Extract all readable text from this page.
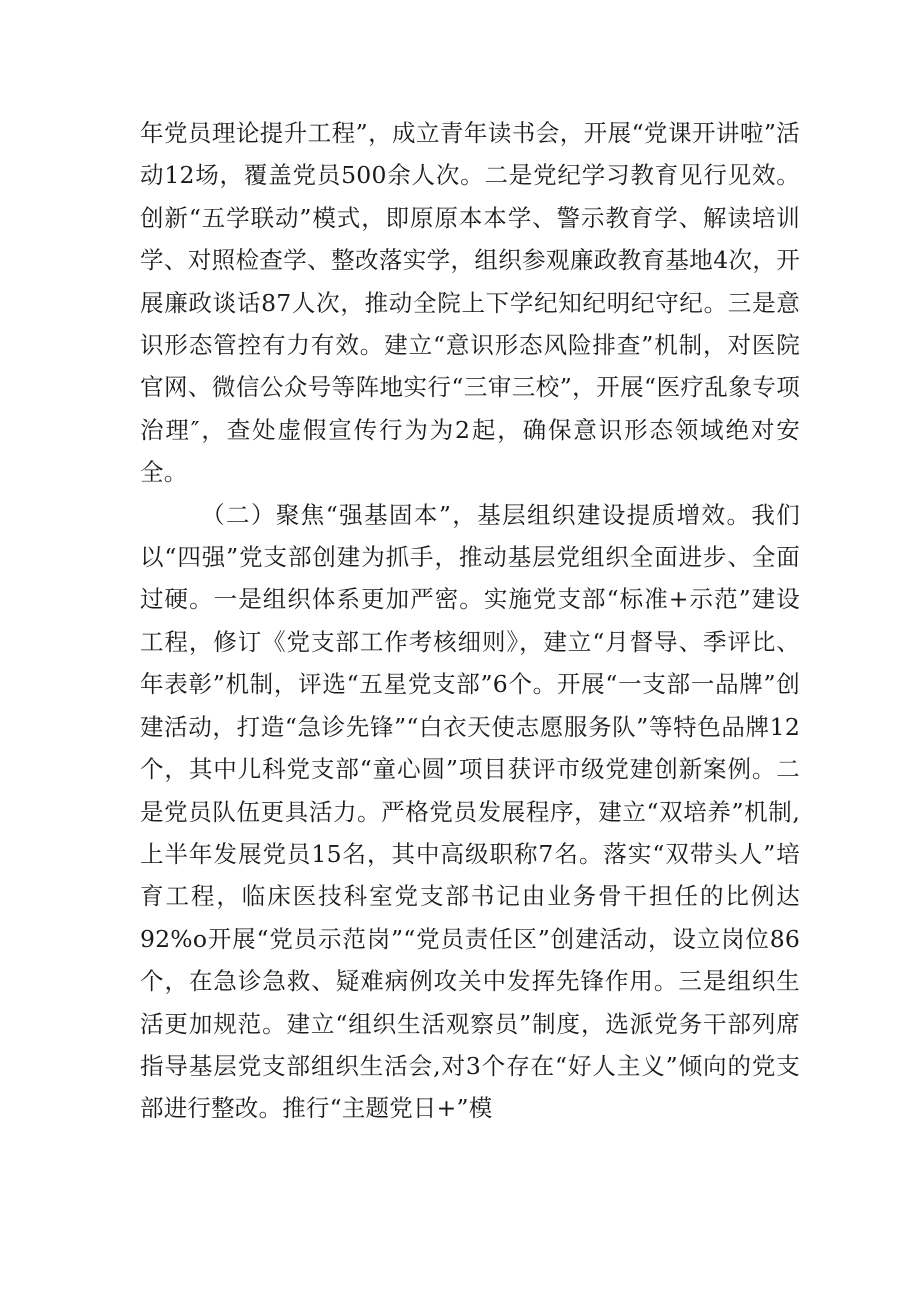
年党员理论提升工程”，成立青年读书会，开展“党课开讲啦”活动12场，覆盖党员500余人次。二是党纪学习教育见行见效。创新“五学联动”模式，即原原本本学、警示教育学、解读培训学、对照检查学、整改落实学，组织参观廉政教育基地4次，开展廉政谈话87人次，推动全院上下学纪知纪明纪守纪。三是意识形态管控有力有效。建立“意识形态风险排查”机制，对医院官网、微信公众号等阵地实行“三审三校”，开展“医疗乱象专项治理″，查处虚假宣传行为为2起，确保意识形态领域绝对安全。

（二）聚焦“强基固本”，基层组织建设提质增效。我们以“四强”党支部创建为抓手，推动基层党组织全面进步、全面过硬。一是组织体系更加严密。实施党支部“标准+示范”建设工程，修订《党支部工作考核细则》，建立“月督导、季评比、年表彰”机制，评选“五星党支部”6个。开展“一支部一品牌”创建活动，打造“急诊先锋”“白衣天使志愿服务队”等特色品牌12个，其中儿科党支部“童心圆”项目获评市级党建创新案例。二是党员队伍更具活力。严格党员发展程序，建立“双培养”机制,上半年发展党员15名，其中高级职称7名。落实“双带头人”培育工程，临床医技科室党支部书记由业务骨干担任的比例达92%o开展“党员示范岗”“党员责任区”创建活动，设立岗位86个，在急诊急救、疑难病例攻关中发挥先锋作用。三是组织生活更加规范。建立“组织生活观察员”制度，选派党务干部列席指导基层党支部组织生活会,对3个存在“好人主义”倾向的党支部进行整改。推行“主题党日+”模
